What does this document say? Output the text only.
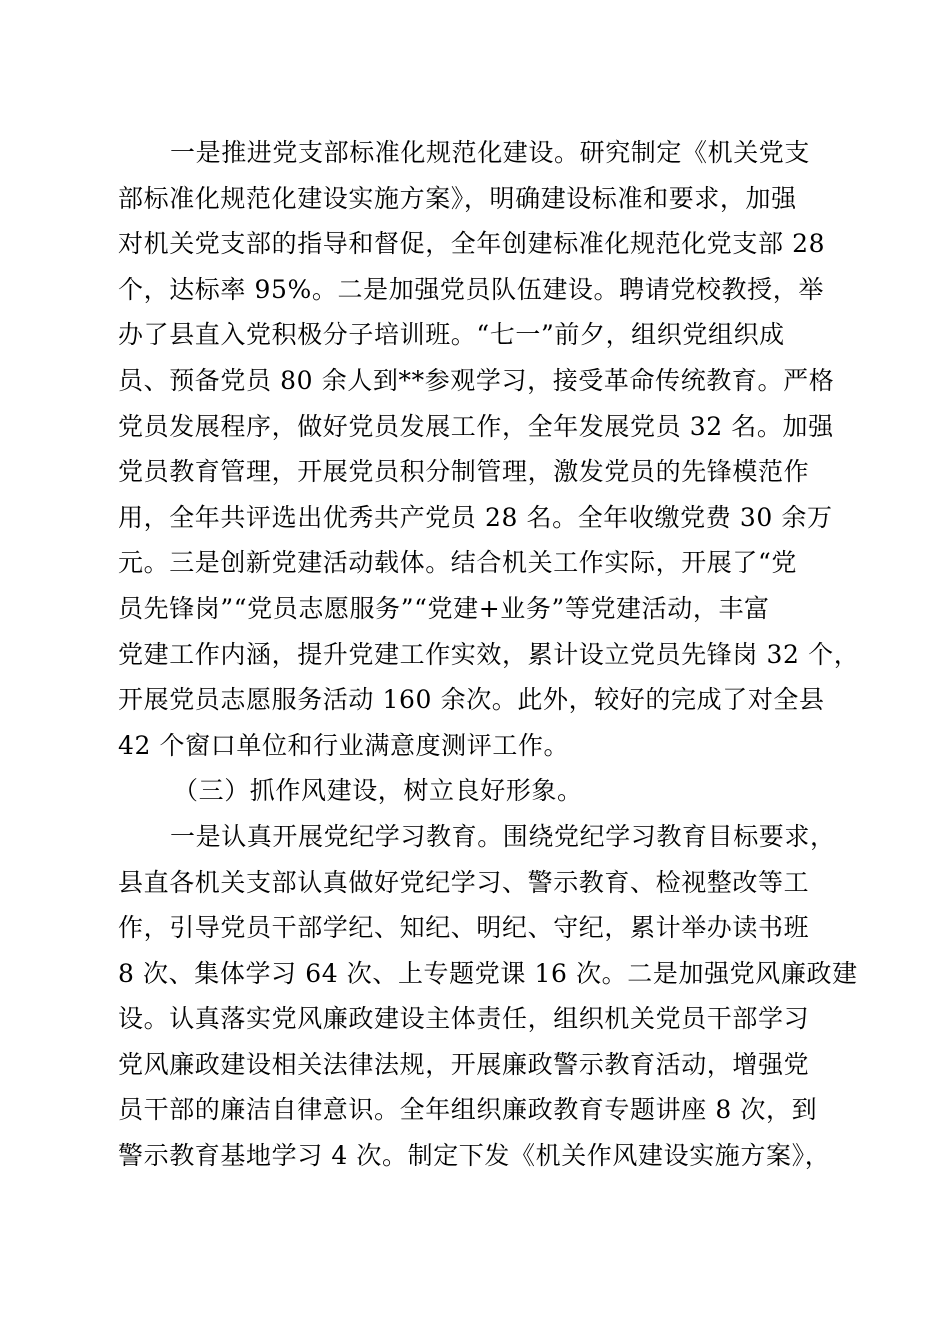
一是推进党支部标准化规范化建设。研究制定《机关党支
部标准化规范化建设实施方案》，明确建设标准和要求，加强
对机关党支部的指导和督促，全年创建标准化规范化党支部 28
个，达标率 95%。二是加强党员队伍建设。聘请党校教授，举
办了县直入党积极分子培训班。“七一”前夕，组织党组织成
员、预备党员 80 余人到**参观学习，接受革命传统教育。严格
党员发展程序，做好党员发展工作，全年发展党员 32 名。加强
党员教育管理，开展党员积分制管理，激发党员的先锋模范作
用，全年共评选出优秀共产党员 28 名。全年收缴党费 30 余万
元。三是创新党建活动载体。结合机关工作实际，开展了“党
员先锋岗”“党员志愿服务”“党建+业务”等党建活动，丰富
党建工作内涵，提升党建工作实效，累计设立党员先锋岗 32 个，
开展党员志愿服务活动 160 余次。此外，较好的完成了对全县
42 个窗口单位和行业满意度测评工作。
（三）抓作风建设，树立良好形象。
一是认真开展党纪学习教育。围绕党纪学习教育目标要求，
县直各机关支部认真做好党纪学习、警示教育、检视整改等工
作，引导党员干部学纪、知纪、明纪、守纪，累计举办读书班
8 次、集体学习 64 次、上专题党课 16 次。二是加强党风廉政建
设。认真落实党风廉政建设主体责任，组织机关党员干部学习
党风廉政建设相关法律法规，开展廉政警示教育活动，增强党
员干部的廉洁自律意识。全年组织廉政教育专题讲座 8 次，到
警示教育基地学习 4 次。制定下发《机关作风建设实施方案》，
